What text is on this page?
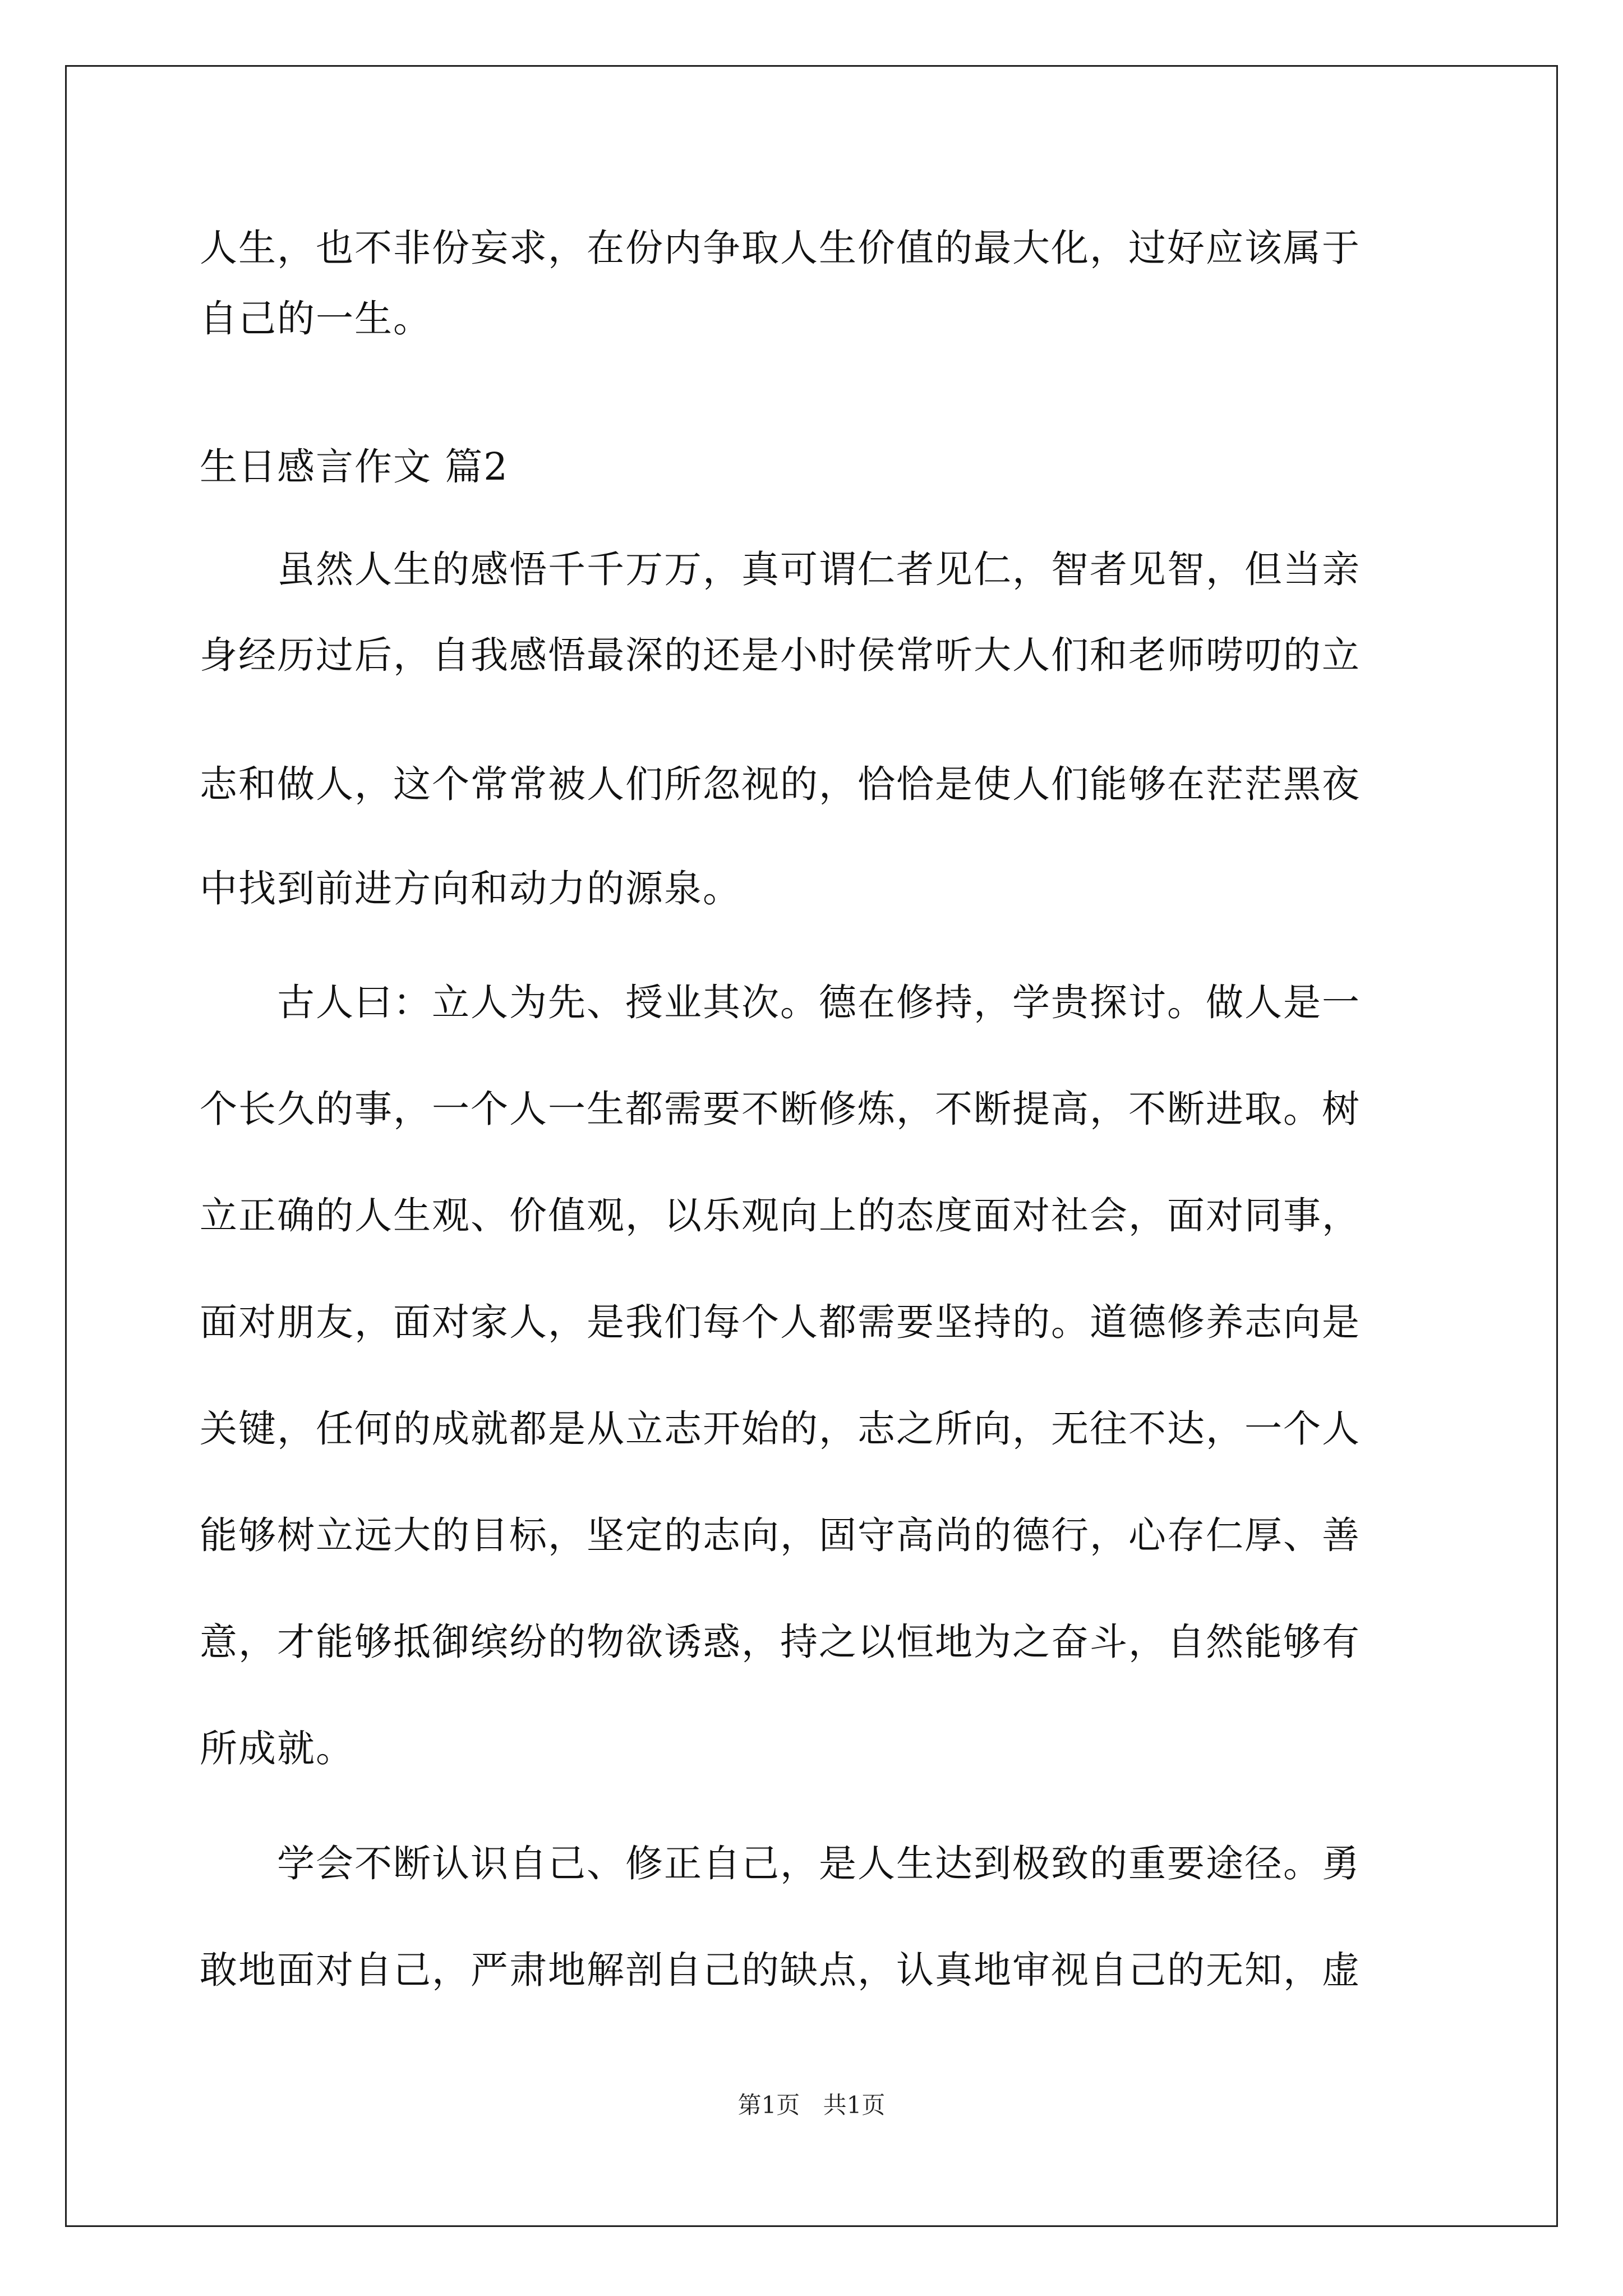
人生，也不非份妄求，在份内争取人生价值的最大化，过好应该属于
自己的一生。
生日感言作文 篇2
　　虽然人生的感悟千千万万，真可谓仁者见仁，智者见智，但当亲
身经历过后，自我感悟最深的还是小时侯常听大人们和老师唠叨的立
志和做人，这个常常被人们所忽视的，恰恰是使人们能够在茫茫黑夜
中找到前进方向和动力的源泉。
　　古人曰：立人为先、授业其次。德在修持，学贵探讨。做人是一
个长久的事，一个人一生都需要不断修炼，不断提高，不断进取。树
立正确的人生观、价值观，以乐观向上的态度面对社会，面对同事，
面对朋友，面对家人，是我们每个人都需要坚持的。道德修养志向是
关键，任何的成就都是从立志开始的，志之所向，无往不达，一个人
能够树立远大的目标，坚定的志向，固守高尚的德行，心存仁厚、善
意，才能够抵御缤纷的物欲诱惑，持之以恒地为之奋斗，自然能够有
所成就。
　　学会不断认识自己、修正自己，是人生达到极致的重要途径。勇
敢地面对自己，严肃地解剖自己的缺点，认真地审视自己的无知，虚
第1页 共1页
